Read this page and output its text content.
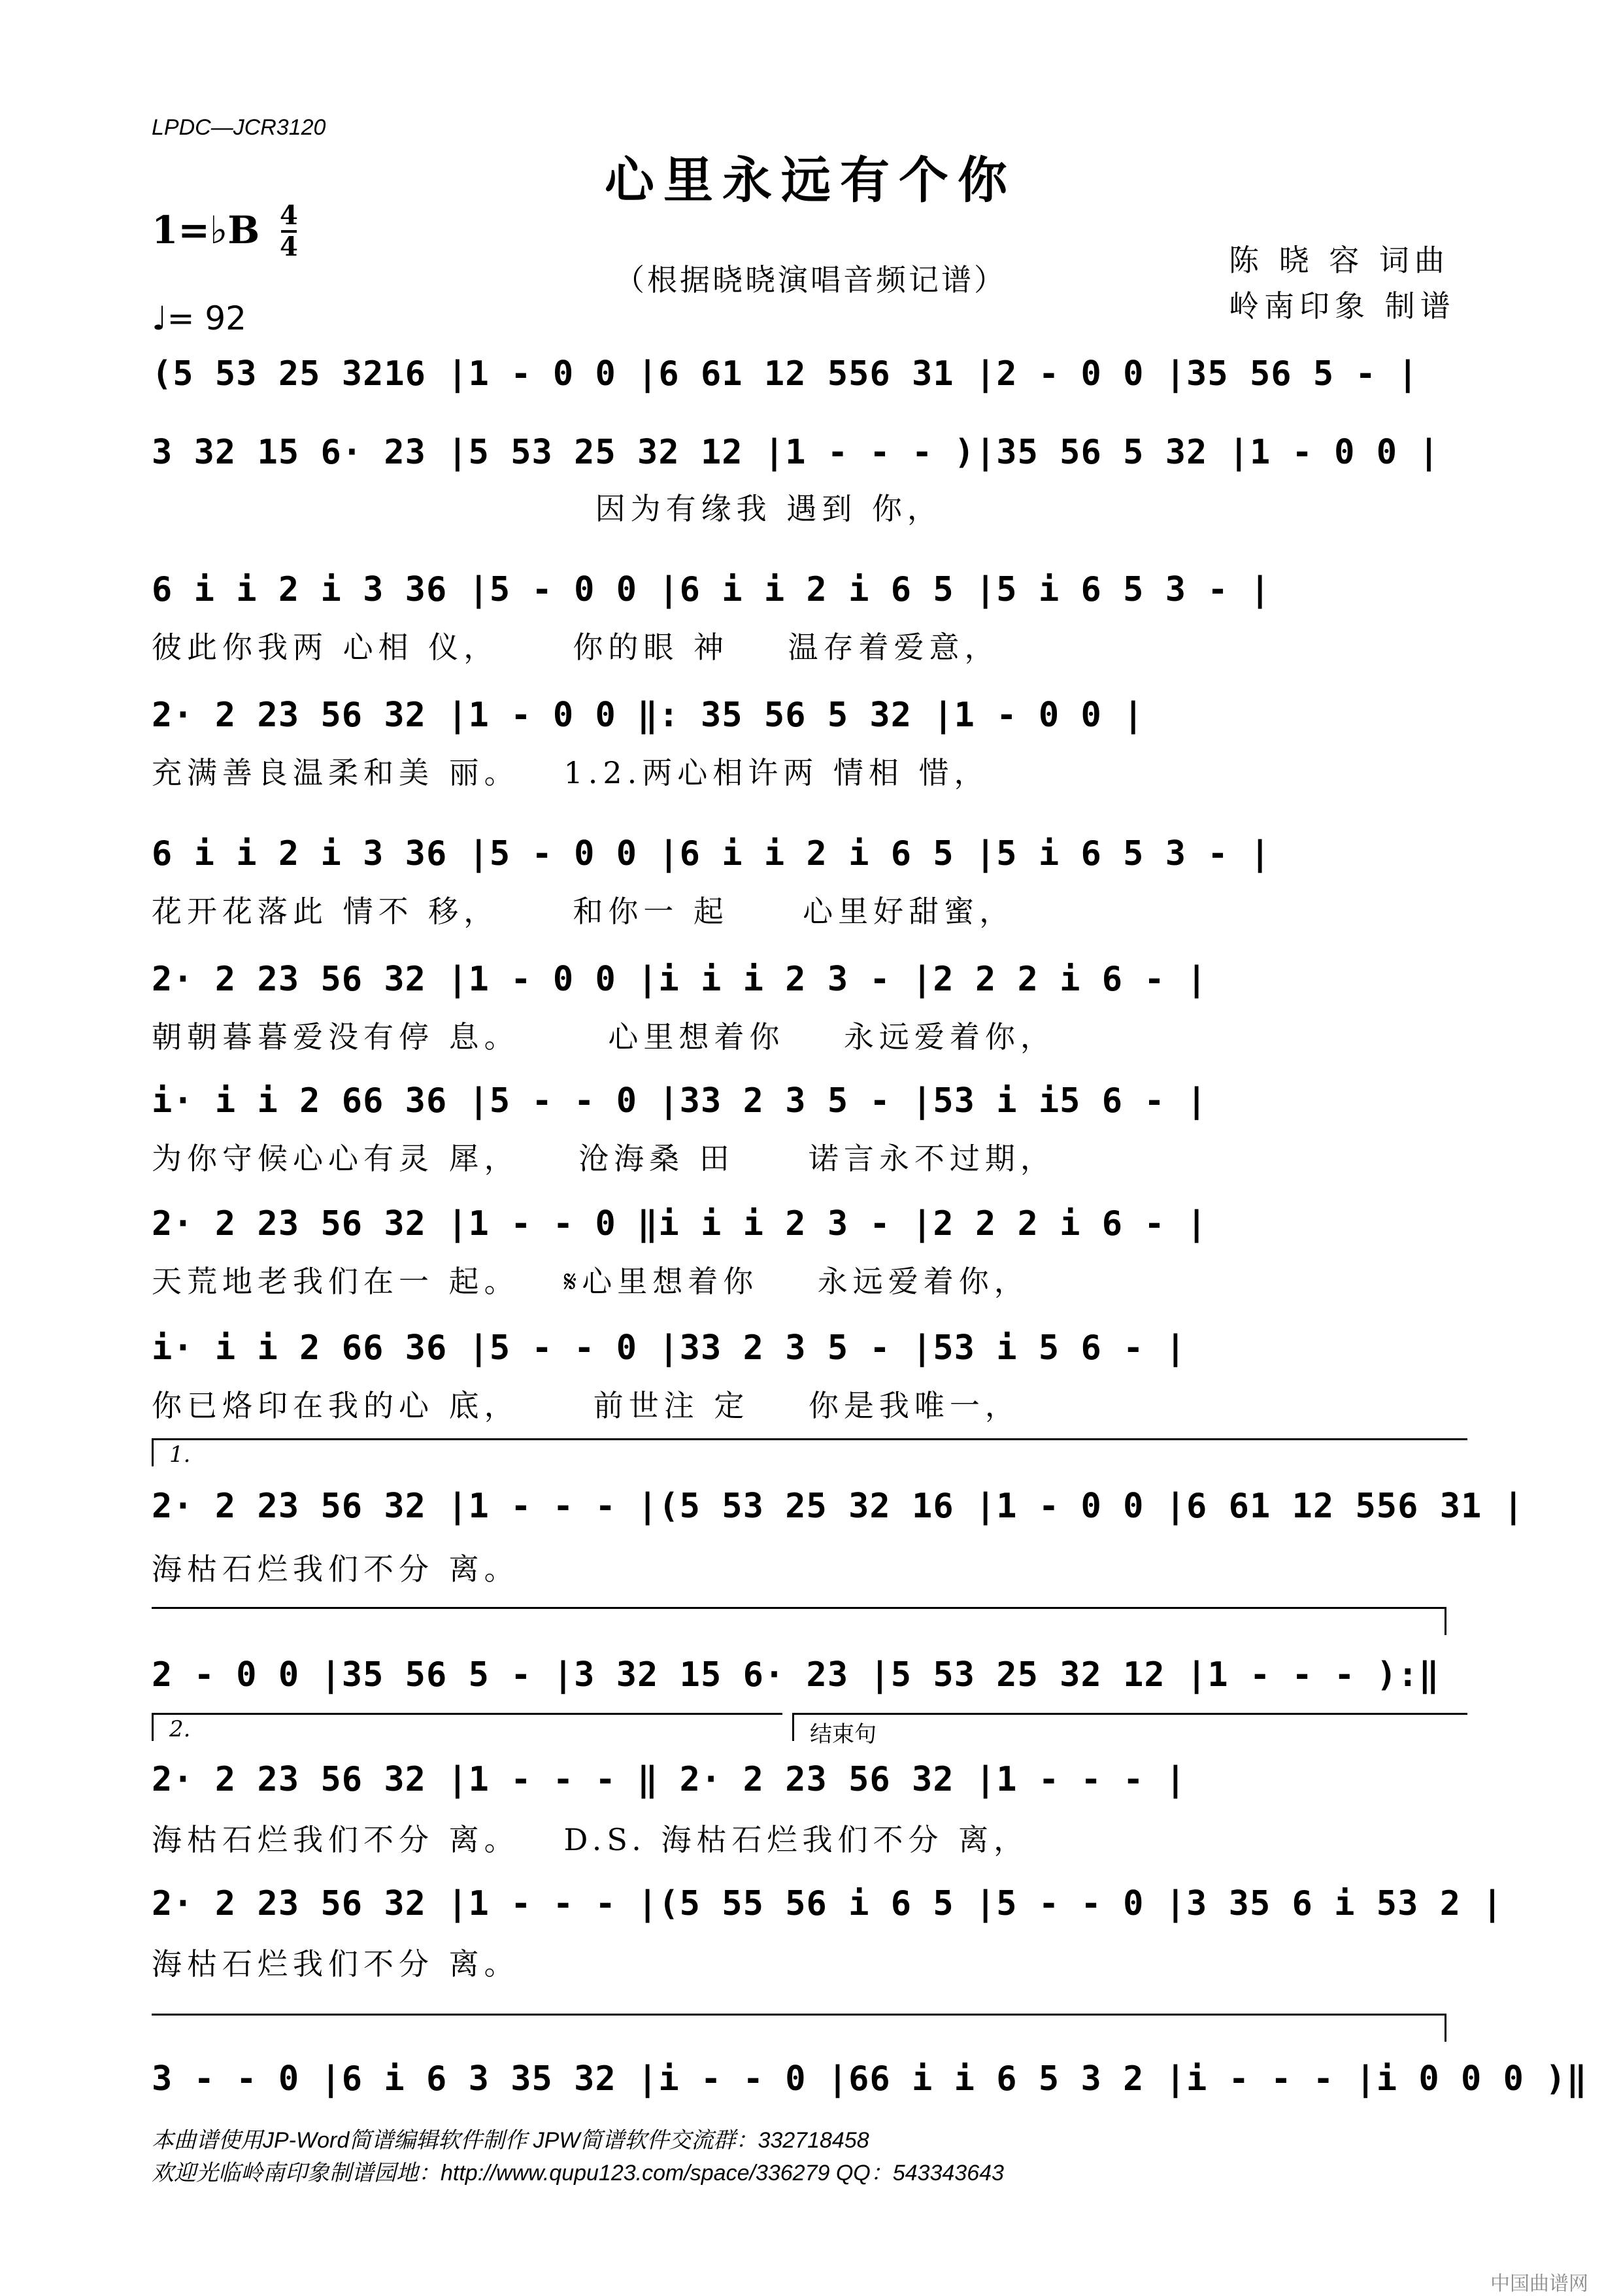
LPDC—JCR3120
心里永远有个你
1=♭B 4
4
（根据晓晓演唱音频记谱）
陈 晓 容 词曲
岭南印象 制谱
♩= 92
(5 53 25 3216 |1 - 0 0 |6 61 12 556 31 |2 - 0 0 |35 56 5 - |
3 32 15 6· 23 |5 53 25 32 12 |1 - - - )|35 56 5 32 |1 - 0 0 |
因为有缘我 遇到 你，
6 i i 2 i 3 36 |5 - 0 0 |6 i i 2 i 6 5 |5 i 6 5 3 - |
彼此你我两 心相 仪，     你的眼 神    温存着爱意，
2· 2 23 56 32 |1 - 0 0 ‖: 35 56 5 32 |1 - 0 0 |
充满善良温柔和美 丽。   1.2.两心相许两 情相 惜，
6 i i 2 i 3 36 |5 - 0 0 |6 i i 2 i 6 5 |5 i 6 5 3 - |
花开花落此 情不 移，     和你一 起     心里好甜蜜，
2· 2 23 56 32 |1 - 0 0 |i i i 2 3 - |2 2 2 i 6 - |
朝朝暮暮爱没有停 息。      心里想着你    永远爱着你，
i· i i 2 66 36 |5 - - 0 |33 2 3 5 - |53 i i5 6 - |
为你守候心心有灵 犀，    沧海桑 田     诺言永不过期，
2· 2 23 56 32 |1 - - 0 ‖i i i 2 3 - |2 2 2 i 6 - |
天荒地老我们在一 起。   𝄋心里想着你    永远爱着你，
i· i i 2 66 36 |5 - - 0 |33 2 3 5 - |53 i 5 6 - |
你已烙印在我的心 底，     前世注 定    你是我唯一，
1.
2· 2 23 56 32 |1 - - - |(5 53 25 32 16 |1 - 0 0 |6 61 12 556 31 |
海枯石烂我们不分 离。
2 - 0 0 |35 56 5 - |3 32 15 6· 23 |5 53 25 32 12 |1 - - - ):‖
2.	结束句
2· 2 23 56 32 |1 - - - ‖ 2· 2 23 56 32 |1 - - - |
海枯石烂我们不分 离。   D.S. 海枯石烂我们不分 离，
2· 2 23 56 32 |1 - - - |(5 55 56 i 6 5 |5 - - 0 |3 35 6 i 53 2 |
海枯石烂我们不分 离。
3 - - 0 |6 i 6 3 35 32 |i - - 0 |66 i i 6 5 3 2 |i - - - |i 0 0 0 )‖
本曲谱使用JP-Word简谱编辑软件制作 JPW简谱软件交流群：332718458
欢迎光临岭南印象制谱园地：http://www.qupu123.com/space/336279 QQ：543343643
中国曲谱网
